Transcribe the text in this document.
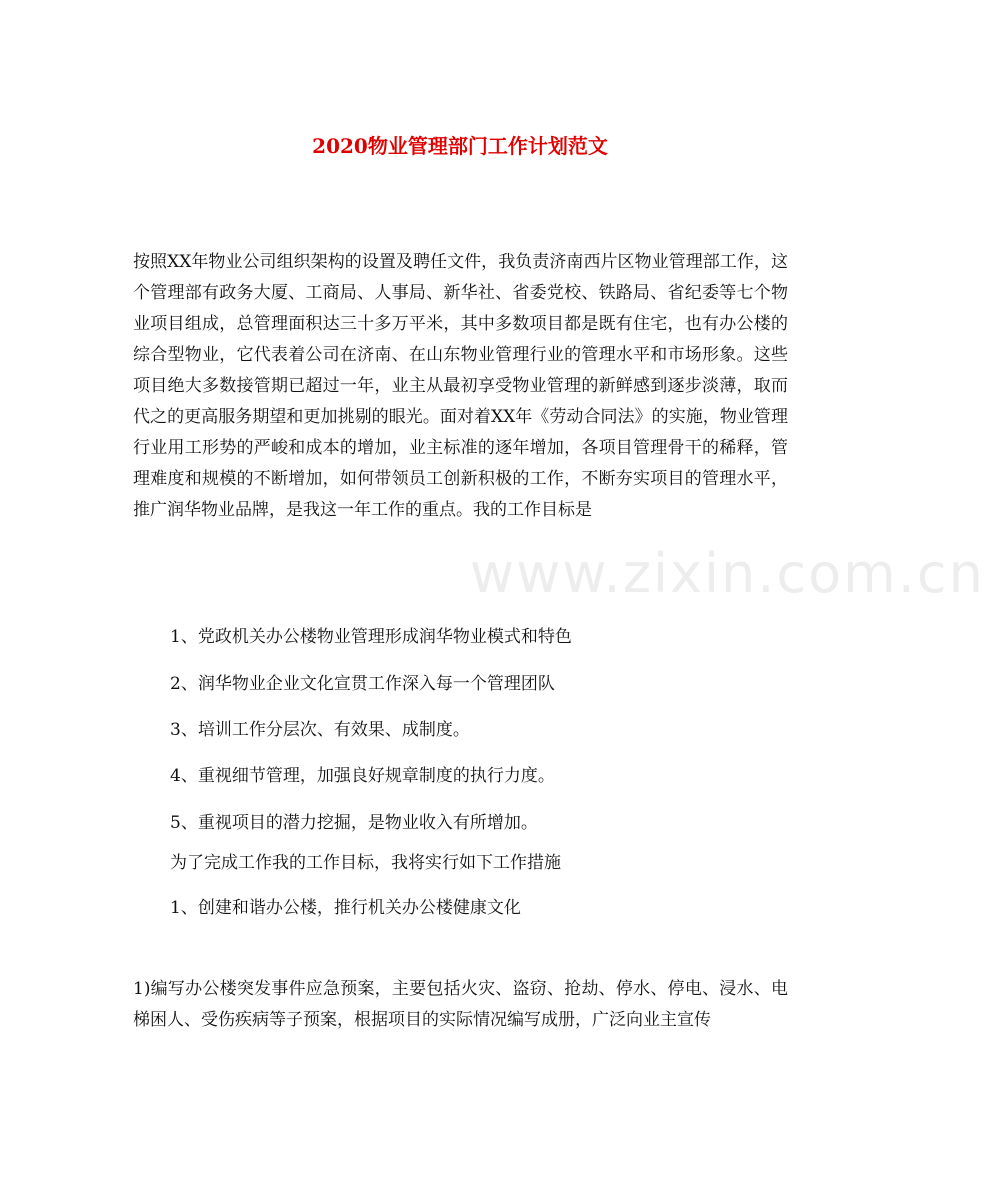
2020物业管理部门工作计划范文
按照XX年物业公司组织架构的设置及聘任文件，我负责济南西片区物业管理部工作，这个管理部有政务大厦、工商局、人事局、新华社、省委党校、铁路局、省纪委等七个物业项目组成，总管理面积达三十多万平米，其中多数项目都是既有住宅，也有办公楼的综合型物业，它代表着公司在济南、在山东物业管理行业的管理水平和市场形象。这些项目绝大多数接管期已超过一年，业主从最初享受物业管理的新鲜感到逐步淡薄，取而代之的更高服务期望和更加挑剔的眼光。面对着XX年《劳动合同法》的实施，物业管理行业用工形势的严峻和成本的增加，业主标准的逐年增加，各项目管理骨干的稀释，管理难度和规模的不断增加，如何带领员工创新积极的工作，不断夯实项目的管理水平，推广润华物业品牌，是我这一年工作的重点。我的工作目标是
1、党政机关办公楼物业管理形成润华物业模式和特色
2、润华物业企业文化宣贯工作深入每一个管理团队
3、培训工作分层次、有效果、成制度。
4、重视细节管理，加强良好规章制度的执行力度。
5、重视项目的潜力挖掘，是物业收入有所增加。
为了完成工作我的工作目标，我将实行如下工作措施
1、创建和谐办公楼，推行机关办公楼健康文化
1)编写办公楼突发事件应急预案，主要包括火灾、盗窃、抢劫、停水、停电、浸水、电梯困人、受伤疾病等子预案，根据项目的实际情况编写成册，广泛向业主宣传
www.zixin.com.cn
